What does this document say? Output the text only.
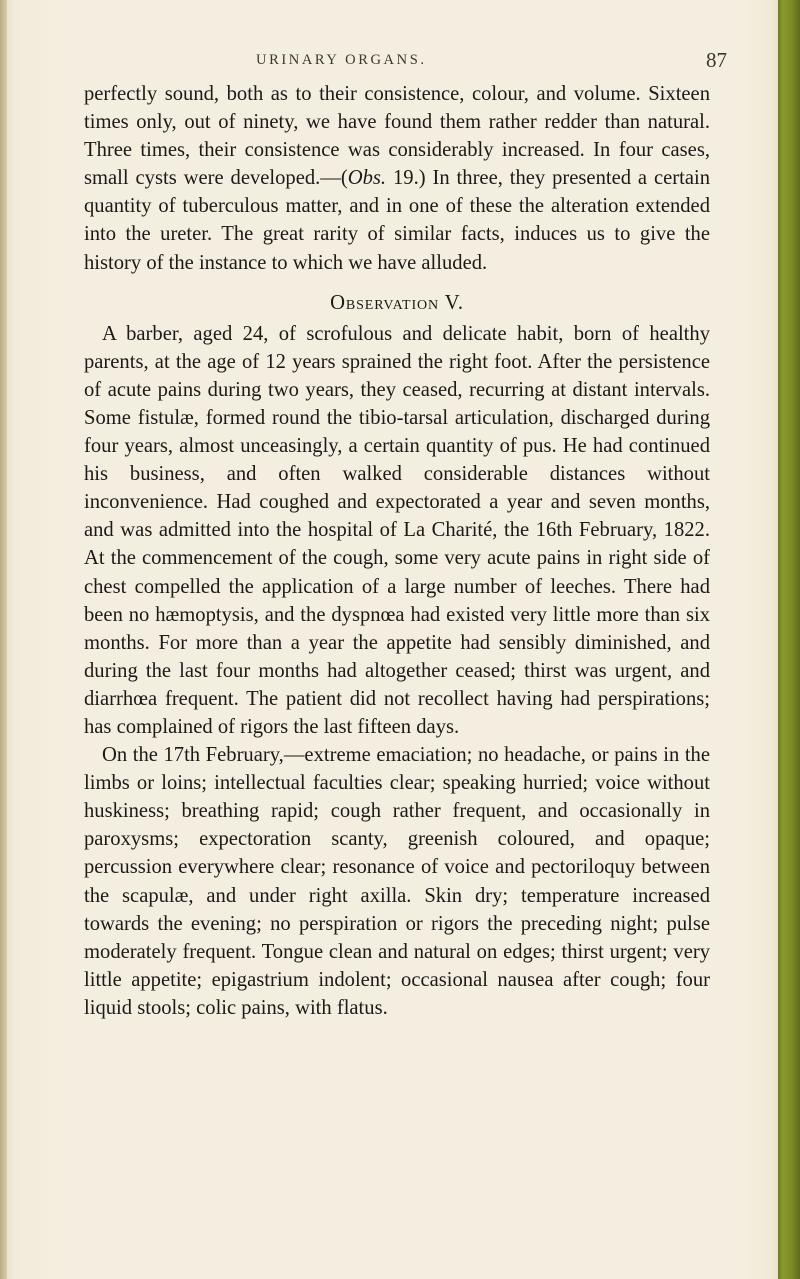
URINARY ORGANS.	87

perfectly sound, both as to their consistence, colour, and volume. Sixteen times only, out of ninety, we have found them rather redder than natural. Three times, their consistence was considerably increased. In four cases, small cysts were developed.—(Obs. 19.) In three, they presented a certain quantity of tuberculous matter, and in one of these the alteration extended into the ureter. The great rarity of similar facts, induces us to give the history of the instance to which we have alluded.

Observation V.

A barber, aged 24, of scrofulous and delicate habit, born of healthy parents, at the age of 12 years sprained the right foot. After the persistence of acute pains during two years, they ceased, recurring at distant intervals. Some fistulæ, formed round the tibio-tarsal articulation, discharged during four years, almost unceasingly, a certain quantity of pus. He had continued his business, and often walked considerable distances without inconvenience. Had coughed and expectorated a year and seven months, and was admitted into the hospital of La Charité, the 16th February, 1822. At the commencement of the cough, some very acute pains in right side of chest compelled the application of a large number of leeches. There had been no hæmoptysis, and the dyspnœa had existed very little more than six months. For more than a year the appetite had sensibly diminished, and during the last four months had altogether ceased; thirst was urgent, and diarrhœa frequent. The patient did not recollect having had perspirations; has complained of rigors the last fifteen days.

On the 17th February,—extreme emaciation; no headache, or pains in the limbs or loins; intellectual faculties clear; speaking hurried; voice without huskiness; breathing rapid; cough rather frequent, and occasionally in paroxysms; expectoration scanty, greenish coloured, and opaque; percussion everywhere clear; resonance of voice and pectoriloquy between the scapulæ, and under right axilla. Skin dry; temperature increased towards the evening; no perspiration or rigors the preceding night; pulse moderately frequent. Tongue clean and natural on edges; thirst urgent; very little appetite; epigastrium indolent; occasional nausea after cough; four liquid stools; colic pains, with flatus.
